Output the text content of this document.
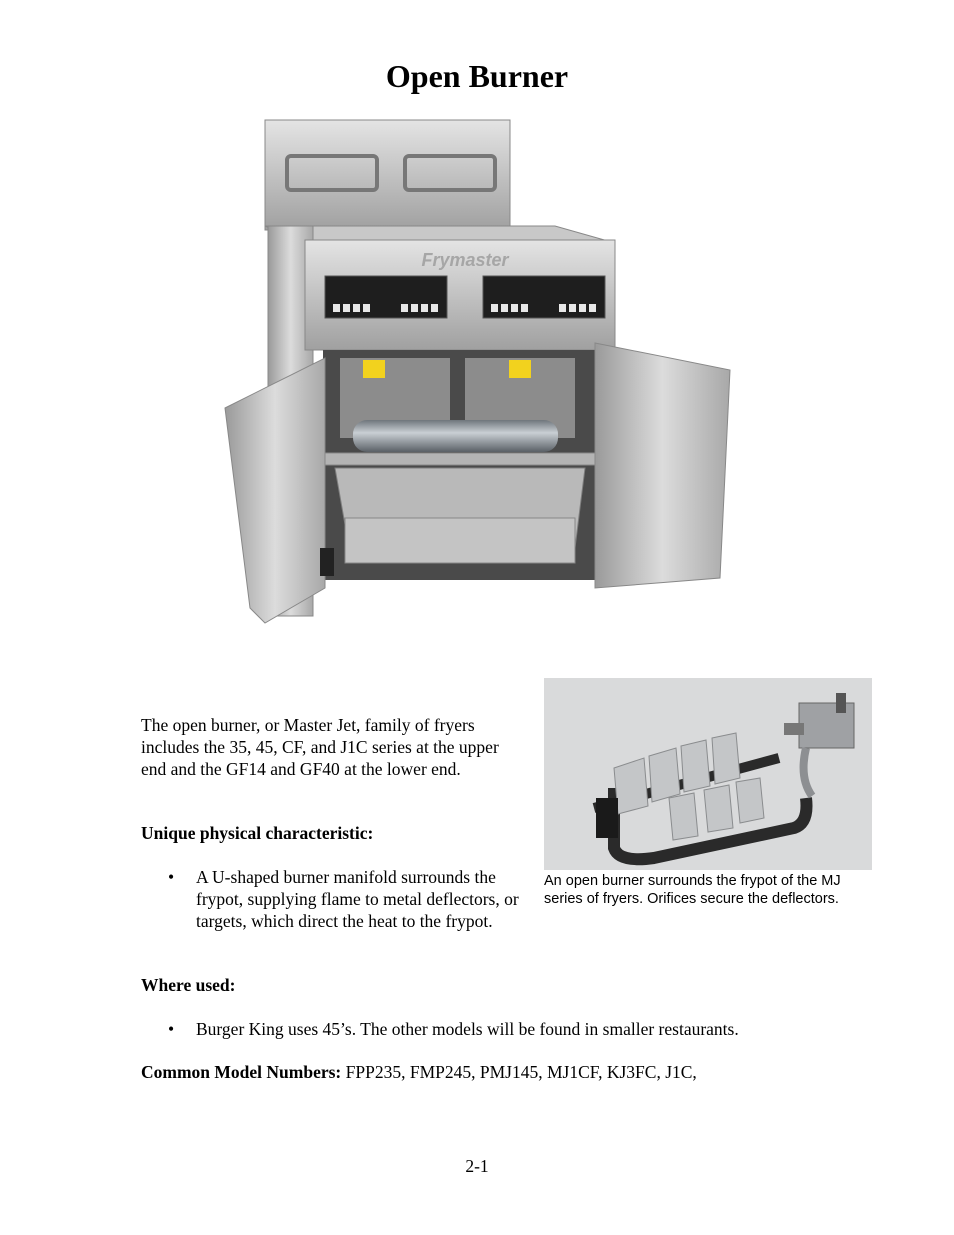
Open Burner
Frymaster
An open burner surrounds the frypot of the MJ series of fryers. Orifices secure the deflectors.
The open burner, or Master Jet, family of fryers includes the 35, 45, CF, and J1C series at the upper end and the GF14 and GF40 at the lower end.
Unique physical characteristic:
•	A U-shaped burner manifold surrounds the frypot, supplying flame to metal deflectors, or targets, which direct the heat to the frypot.
Where used:
•	Burger King uses 45’s. The other models will be found in smaller restaurants.
Common Model Numbers: FPP235, FMP245, PMJ145, MJ1CF, KJ3FC, J1C,
2-1
